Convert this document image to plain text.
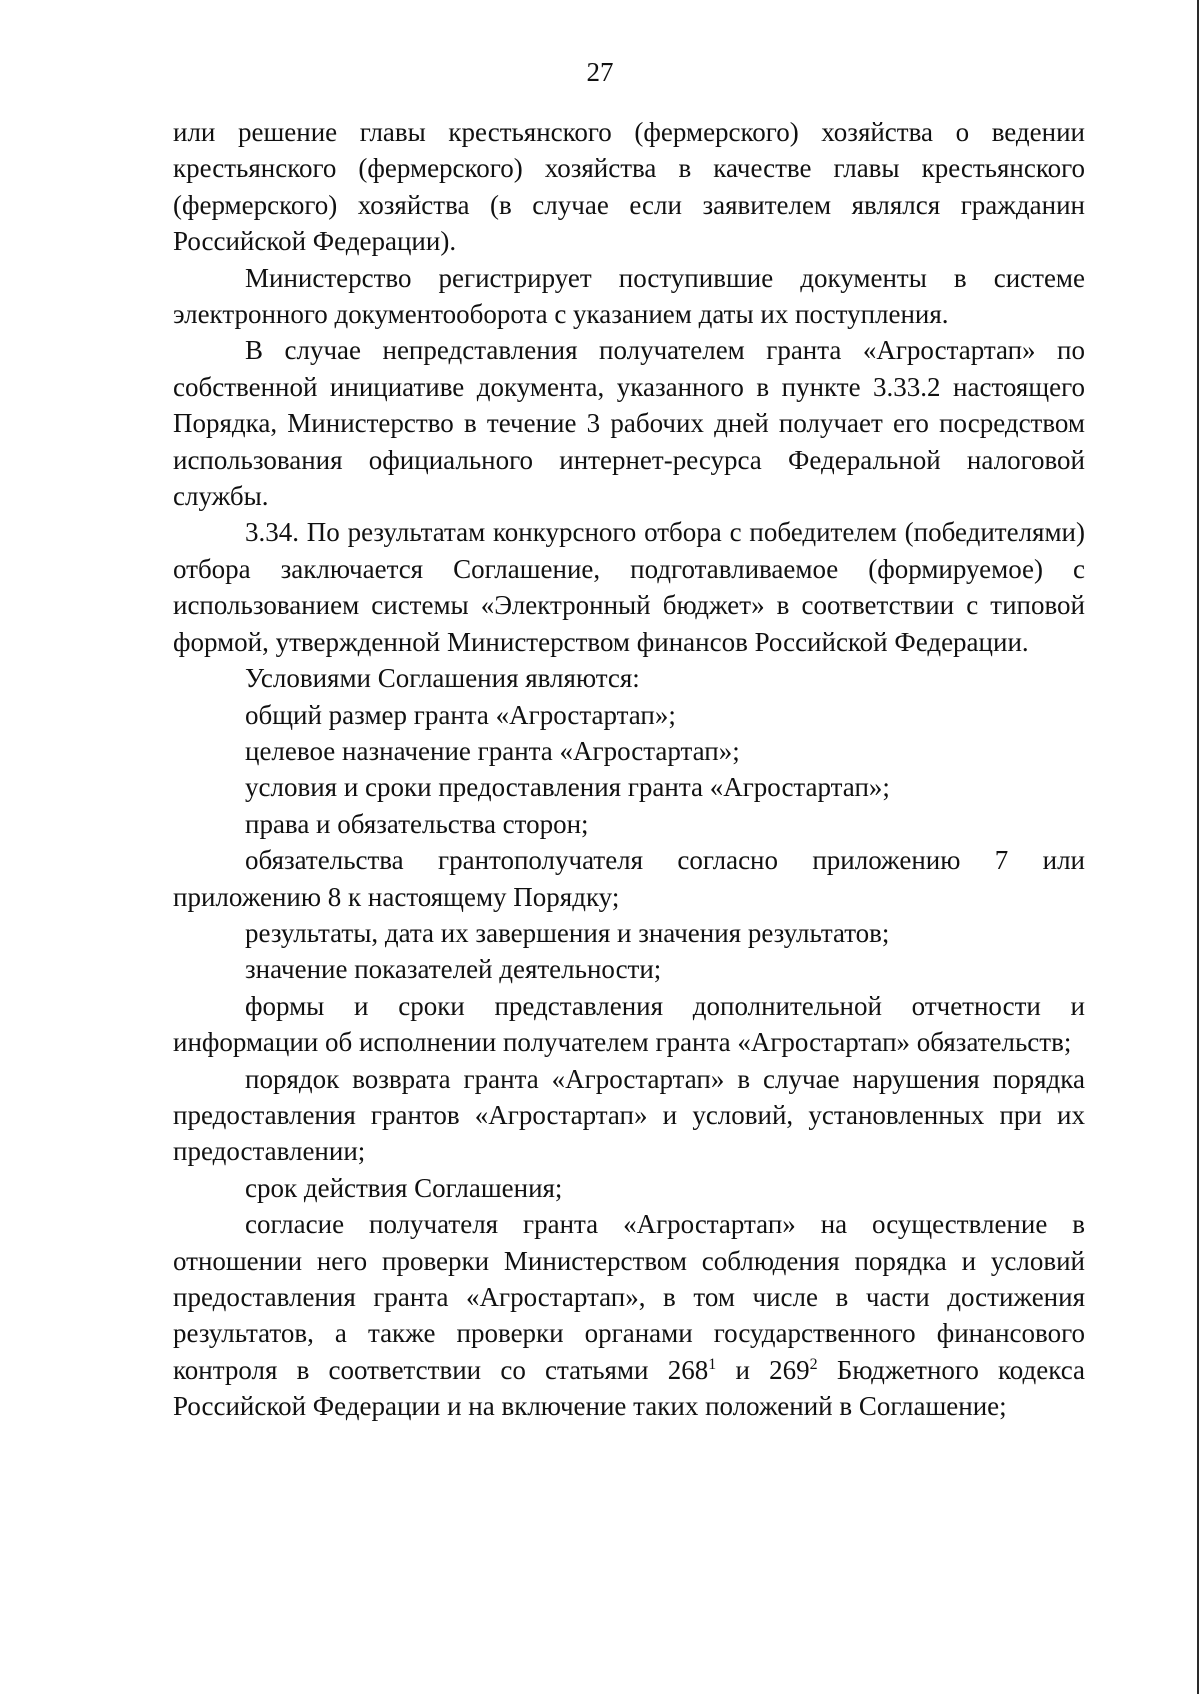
27

или решение главы крестьянского (фермерского) хозяйства о ведении крестьянского (фермерского) хозяйства в качестве главы крестьянского (фермерского) хозяйства (в случае если заявителем являлся гражданин Российской Федерации).

Министерство регистрирует поступившие документы в системе электронного документооборота с указанием даты их поступления.

В случае непредставления получателем гранта «Агростартап» по собственной инициативе документа, указанного в пункте 3.33.2 настоящего Порядка, Министерство в течение 3 рабочих дней получает его посредством использования официального интернет-ресурса Федеральной налоговой службы.

3.34. По результатам конкурсного отбора с победителем (победителями) отбора заключается Соглашение, подготавливаемое (формируемое) с использованием системы «Электронный бюджет» в соответствии с типовой формой, утвержденной Министерством финансов Российской Федерации.

Условиями Соглашения являются:

общий размер гранта «Агростартап»;

целевое назначение гранта «Агростартап»;

условия и сроки предоставления гранта «Агростартап»;

права и обязательства сторон;

обязательства грантополучателя согласно приложению 7 или приложению 8 к настоящему Порядку;

результаты, дата их завершения и значения результатов;

значение показателей деятельности;

формы и сроки представления дополнительной отчетности и информации об исполнении получателем гранта «Агростартап» обязательств;

порядок возврата гранта «Агростартап» в случае нарушения порядка предоставления грантов «Агростартап» и условий, установленных при их предоставлении;

срок действия Соглашения;

согласие получателя гранта «Агростартап» на осуществление в отношении него проверки Министерством соблюдения порядка и условий предоставления гранта «Агростартап», в том числе в части достижения результатов, а также проверки органами государственного финансового контроля в соответствии со статьями $268^1$ и $269^2$ Бюджетного кодекса Российской Федерации и на включение таких положений в Соглашение;
